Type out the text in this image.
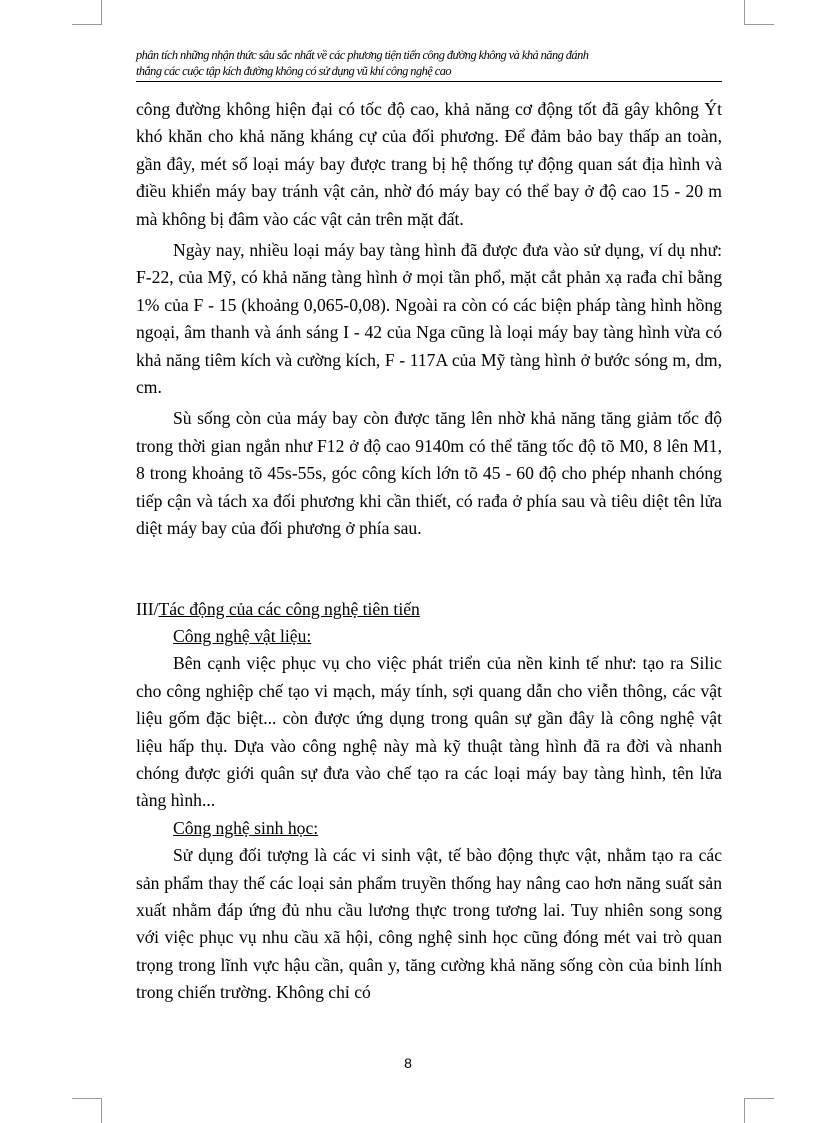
phân tích những nhận thức sâu sắc nhất về các phương tiện tiến công đường không và khả năng đánh
thắng các cuộc tập kích đường không có sử dụng vũ khí công nghệ cao

công đường không hiện đại có tốc độ cao, khả năng cơ động tốt đã gây không Ýt khó khăn cho khả năng kháng cự của đối phương. Để đảm bảo bay thấp an toàn, gần đây, mét số loại máy bay được trang bị hệ thống tự động quan sát địa hình và điều khiển máy bay tránh vật cản, nhờ đó máy bay có thể bay ở độ cao 15 - 20 m mà không bị đâm vào các vật cản trên mặt đất.

Ngày nay, nhiều loại máy bay tàng hình đã được đưa vào sử dụng, ví dụ như: F-22, của Mỹ, có khả năng tàng hình ở mọi tần phổ, mặt cắt phản xạ rađa chỉ bằng 1% của F - 15 (khoảng 0,065-0,08). Ngoài ra còn có các biện pháp tàng hình hồng ngoại, âm thanh và ánh sáng I - 42 của Nga cũng là loại máy bay tàng hình vừa có khả năng tiêm kích và cường kích, F - 117A của Mỹ tàng hình ở bước sóng m, dm, cm.

Sù sống còn của máy bay còn được tăng lên nhờ khả năng tăng giảm tốc độ trong thời gian ngắn như F12 ở độ cao 9140m có thể tăng tốc độ tõ M0, 8 lên M1, 8 trong khoảng tõ 45s-55s, góc công kích lớn tõ 45 - 60 độ cho phép nhanh chóng tiếp cận và tách xa đối phương khi cần thiết, có rađa ở phía sau và tiêu diệt tên lửa diệt máy bay của đối phương ở phía sau.

III/Tác động của các công nghệ tiên tiến
Công nghệ vật liệu:

Bên cạnh việc phục vụ cho việc phát triển của nền kinh tế như: tạo ra Silic cho công nghiệp chế tạo vi mạch, máy tính, sợi quang dẫn cho viễn thông, các vật liệu gốm đặc biệt... còn được ứng dụng trong quân sự gần đây là công nghệ vật liệu hấp thụ. Dựa vào công nghệ này mà kỹ thuật tàng hình đã ra đời và nhanh chóng được giới quân sự đưa vào chế tạo ra các loại máy bay tàng hình, tên lửa tàng hình...

Công nghệ sinh học:

Sử dụng đối tượng là các vi sinh vật, tế bào động thực vật, nhằm tạo ra các sản phẩm thay thế các loại sản phẩm truyền thống hay nâng cao hơn năng suất sản xuất nhằm đáp ứng đủ nhu cầu lương thực trong tương lai. Tuy nhiên song song với việc phục vụ nhu cầu xã hội, công nghệ sinh học cũng đóng mét vai trò quan trọng trong lĩnh vực hậu cần, quân y, tăng cường khả năng sống còn của binh lính trong chiến trường. Không chỉ có

8
